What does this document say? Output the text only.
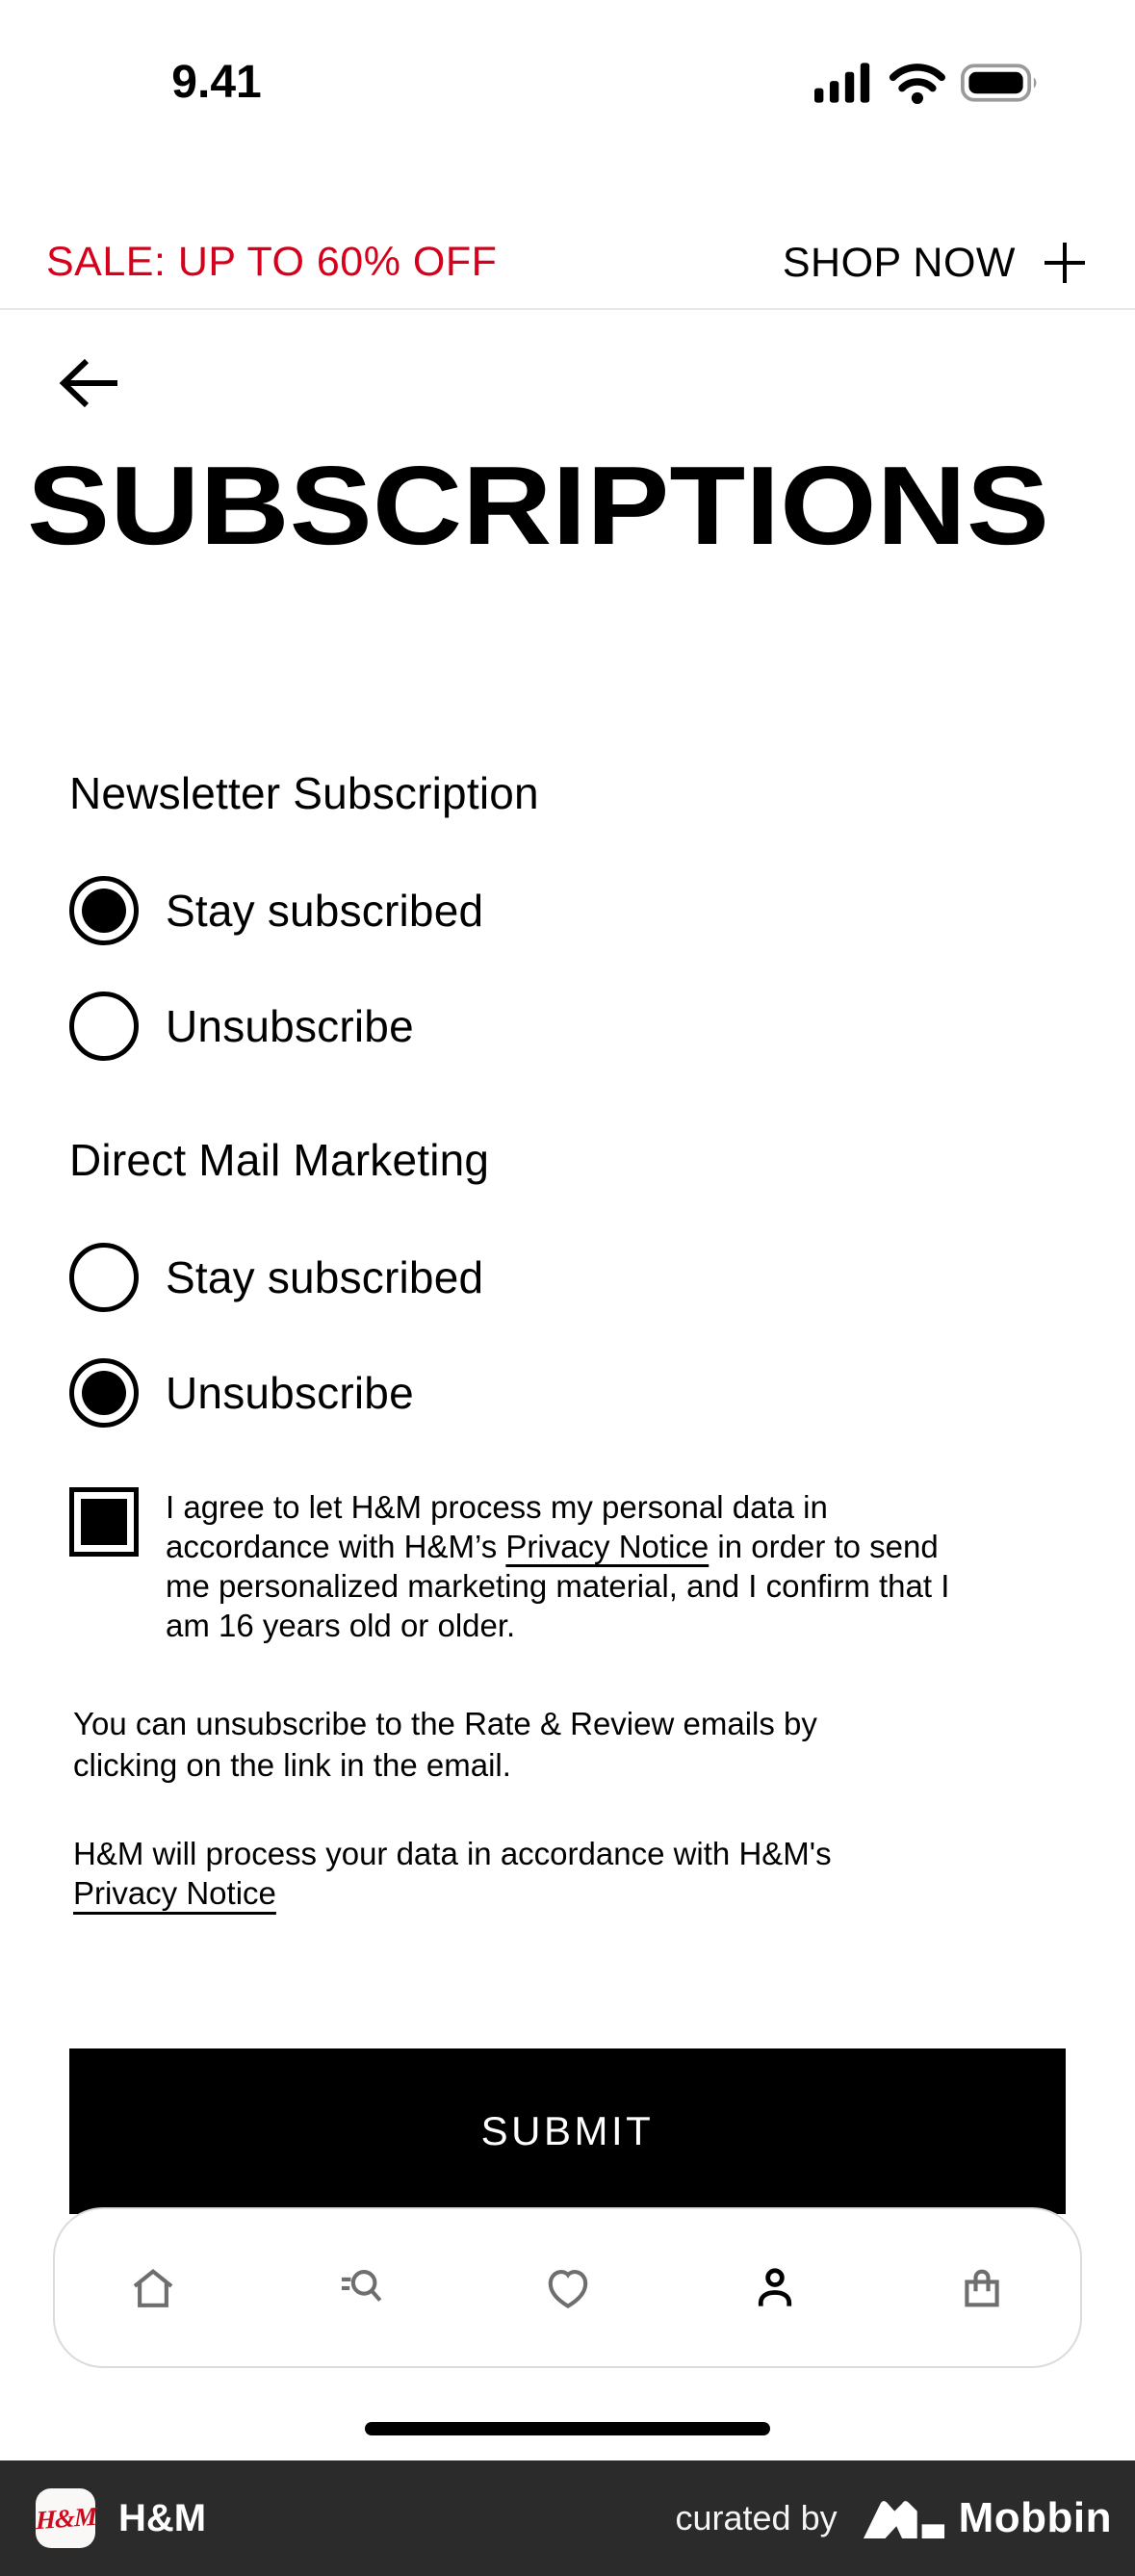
9.41
SALE: UP TO 60% OFF	SHOP NOW
SUBSCRIPTIONS
Newsletter Subscription
Stay subscribed
Unsubscribe
Direct Mail Marketing
Stay subscribed
Unsubscribe
I agree to let H&M process my personal data in
accordance with H&M’s Privacy Notice in order to send
me personalized marketing material, and I confirm that I
am 16 years old or older.
You can unsubscribe to the Rate & Review emails by
clicking on the link in the email.
H&M will process your data in accordance with H&M's
Privacy Notice
SUBMIT
H&M H&M	curated by	Mobbin
